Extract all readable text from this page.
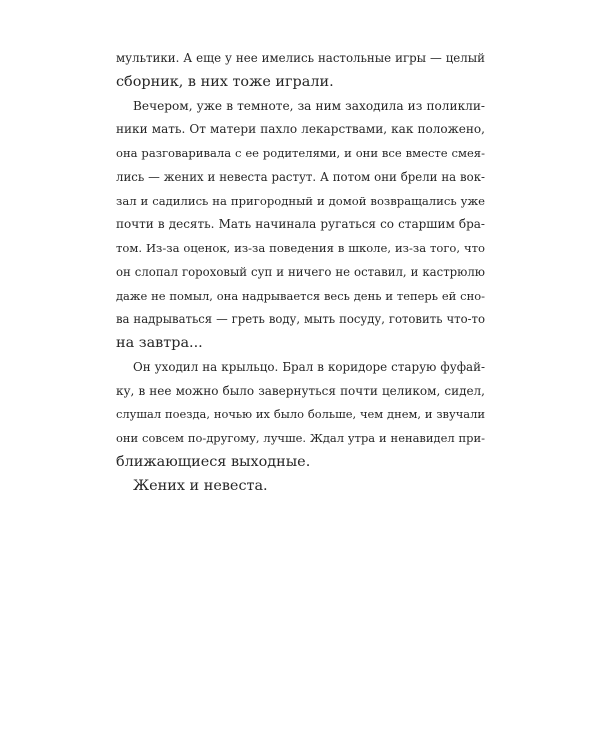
мультики. А еще у нее имелись настольные игры — целый
сборник, в них тоже играли.
Вечером, уже в темноте, за ним заходила из поликли-
ники мать. От матери пахло лекарствами, как положено,
она разговаривала с ее родителями, и они все вместе смея-
лись — жених и невеста растут. А потом они брели на вок-
зал и садились на пригородный и домой возвращались уже
почти в десять. Мать начинала ругаться со старшим бра-
том. Из-за оценок, из-за поведения в школе, из-за того, что
он слопал гороховый суп и ничего не оставил, и кастрюлю
даже не помыл, она надрывается весь день и теперь ей сно-
ва надрываться — греть воду, мыть посуду, готовить что-то
на завтра...
Он уходил на крыльцо. Брал в коридоре старую фуфай-
ку, в нее можно было завернуться почти целиком, сидел,
слушал поезда, ночью их было больше, чем днем, и звучали
они совсем по-другому, лучше. Ждал утра и ненавидел при-
ближающиеся выходные.
Жених и невеста.
